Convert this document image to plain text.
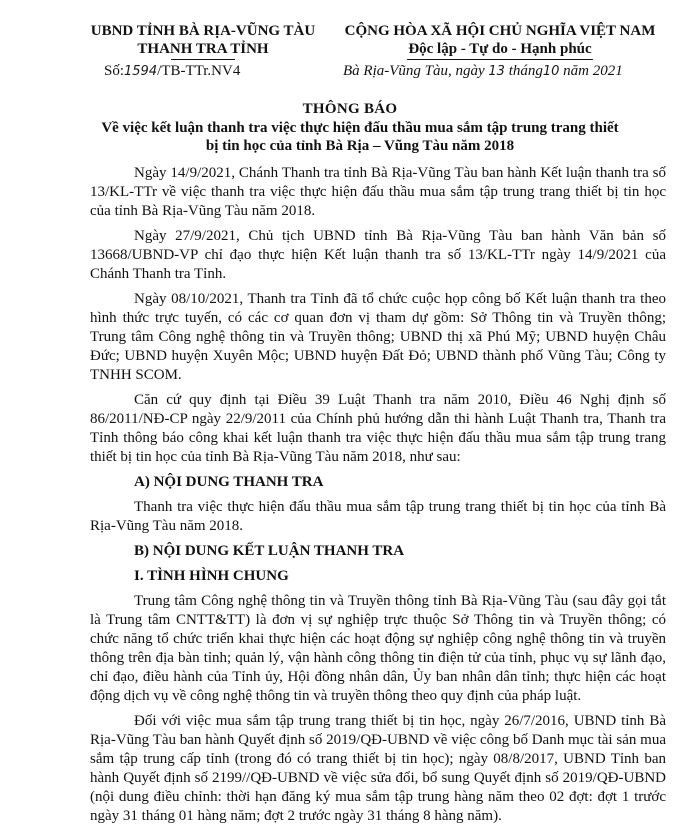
UBND TỈNH BÀ RỊA-VŨNG TÀU
THANH TRA TỈNH
CỘNG HÒA XÃ HỘI CHỦ NGHĨA VIỆT NAM
Độc lập - Tự do - Hạnh phúc
Số:1594/TB-TTr.NV4	Bà Rịa-Vũng Tàu, ngày 13 tháng10 năm 2021
THÔNG BÁO
Về việc kết luận thanh tra việc thực hiện đấu thầu mua sắm tập trung trang thiết bị tin học của tỉnh Bà Rịa – Vũng Tàu năm 2018

Ngày 14/9/2021, Chánh Thanh tra tỉnh Bà Rịa-Vũng Tàu ban hành Kết luận thanh tra số 13/KL-TTr về việc thanh tra việc thực hiện đấu thầu mua sắm tập trung trang thiết bị tin học của tỉnh Bà Rịa-Vũng Tàu năm 2018.

Ngày 27/9/2021, Chủ tịch UBND tỉnh Bà Rịa-Vũng Tàu ban hành Văn bản số 13668/UBND-VP chỉ đạo thực hiện Kết luận thanh tra số 13/KL-TTr ngày 14/9/2021 của Chánh Thanh tra Tỉnh.

Ngày 08/10/2021, Thanh tra Tỉnh đã tổ chức cuộc họp công bố Kết luận thanh tra theo hình thức trực tuyến, có các cơ quan đơn vị tham dự gồm: Sở Thông tin và Truyền thông; Trung tâm Công nghệ thông tin và Truyền thông; UBND thị xã Phú Mỹ; UBND huyện Châu Đức; UBND huyện Xuyên Mộc; UBND huyện Đất Đỏ; UBND thành phố Vũng Tàu; Công ty TNHH SCOM.

Căn cứ quy định tại Điều 39 Luật Thanh tra năm 2010, Điều 46 Nghị định số 86/2011/NĐ-CP ngày 22/9/2011 của Chính phủ hướng dẫn thi hành Luật Thanh tra, Thanh tra Tỉnh thông báo công khai kết luận thanh tra việc thực hiện đấu thầu mua sắm tập trung trang thiết bị tin học của tỉnh Bà Rịa-Vũng Tàu năm 2018, như sau:

A) NỘI DUNG THANH TRA

Thanh tra việc thực hiện đấu thầu mua sắm tập trung trang thiết bị tin học của tỉnh Bà Rịa-Vũng Tàu năm 2018.

B) NỘI DUNG KẾT LUẬN THANH TRA
I. TÌNH HÌNH CHUNG

Trung tâm Công nghệ thông tin và Truyền thông tỉnh Bà Rịa-Vũng Tàu (sau đây gọi tắt là Trung tâm CNTT&TT) là đơn vị sự nghiệp trực thuộc Sở Thông tin và Truyền thông; có chức năng tổ chức triển khai thực hiện các hoạt động sự nghiệp công nghệ thông tin và truyền thông trên địa bàn tỉnh; quản lý, vận hành công thông tin điện tử của tỉnh, phục vụ sự lãnh đạo, chỉ đạo, điều hành của Tỉnh ủy, Hội đồng nhân dân, Ủy ban nhân dân tỉnh; thực hiện các hoạt động dịch vụ về công nghệ thông tin và truyền thông theo quy định của pháp luật.

Đối với việc mua sắm tập trung trang thiết bị tin học, ngày 26/7/2016, UBND tỉnh Bà Rịa-Vũng Tàu ban hành Quyết định số 2019/QĐ-UBND về việc công bố Danh mục tài sản mua sắm tập trung cấp tỉnh (trong đó có trang thiết bị tin học); ngày 08/8/2017, UBND Tỉnh ban hành Quyết định số 2199//QĐ-UBND về việc sửa đổi, bổ sung Quyết định số 2019/QĐ-UBND (nội dung điều chỉnh: thời hạn đăng ký mua sắm tập trung hàng năm theo 02 đợt: đợt 1 trước ngày 31 tháng 01 hàng năm; đợt 2 trước ngày 31 tháng 8 hàng năm).
